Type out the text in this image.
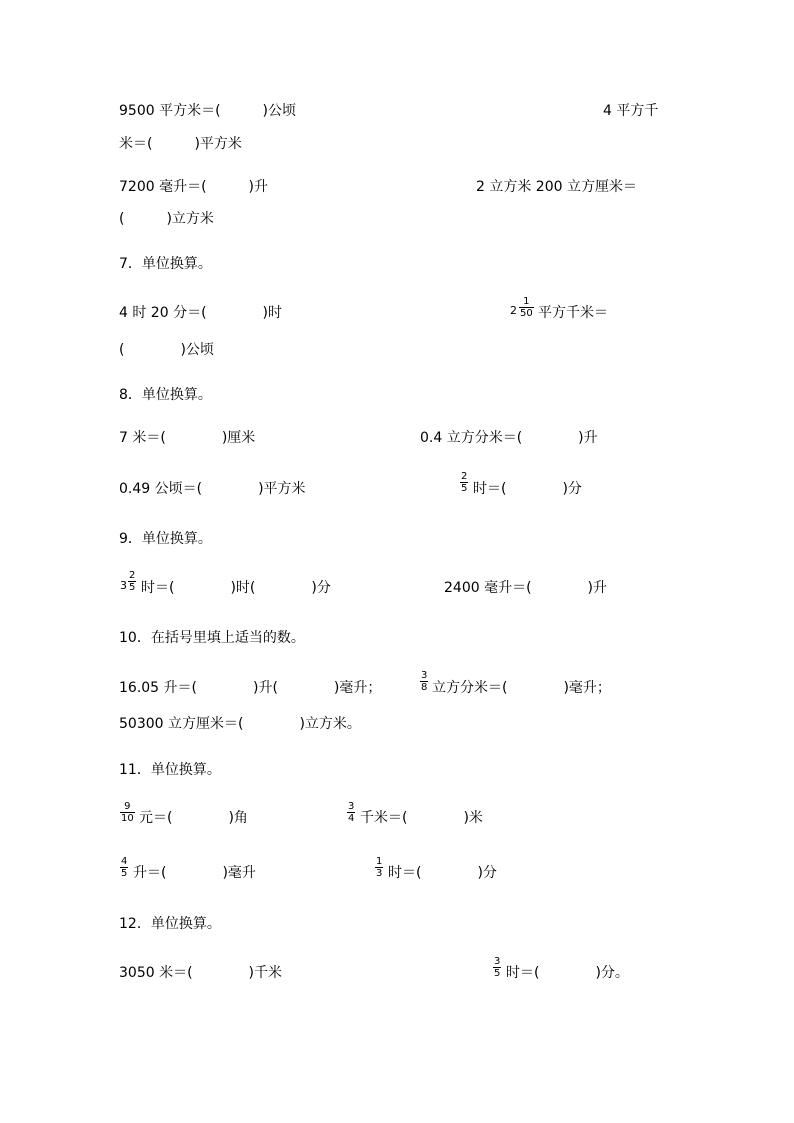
9500 平方米＝(　　　)公顷	4 平方千
米＝(　　　)平方米
7200 毫升＝(　　　)升	2 立方米 200 立方厘米＝
(　　　)立方米
7．单位换算。
4 时 20 分＝(　　　　)时	2
1
50 平方千米＝
(　　　　)公顷
8．单位换算。
7 米＝(　　　　)厘米	0.4 立方分米＝(　　　　)升
0.49 公顷＝(　　　　)平方米
2
5 时＝(　　　　)分
9．单位换算。
3
2
5 时＝(　　　　)时(　　　　)分	2400 毫升＝(　　　　)升
10．在括号里填上适当的数。
16.05 升＝(　　　　)升(　　　　)毫升；
3
8 立方分米＝(　　　　)毫升；
50300 立方厘米＝(　　　　)立方米。
11．单位换算。
9
10 元＝(　　　　)角
3
4 千米＝(　　　　)米
4
5 升＝(　　　　)毫升
1
3 时＝(　　　　)分
12．单位换算。
3050 米＝(　　　　)千米
3
5 时＝(　　　　)分。
